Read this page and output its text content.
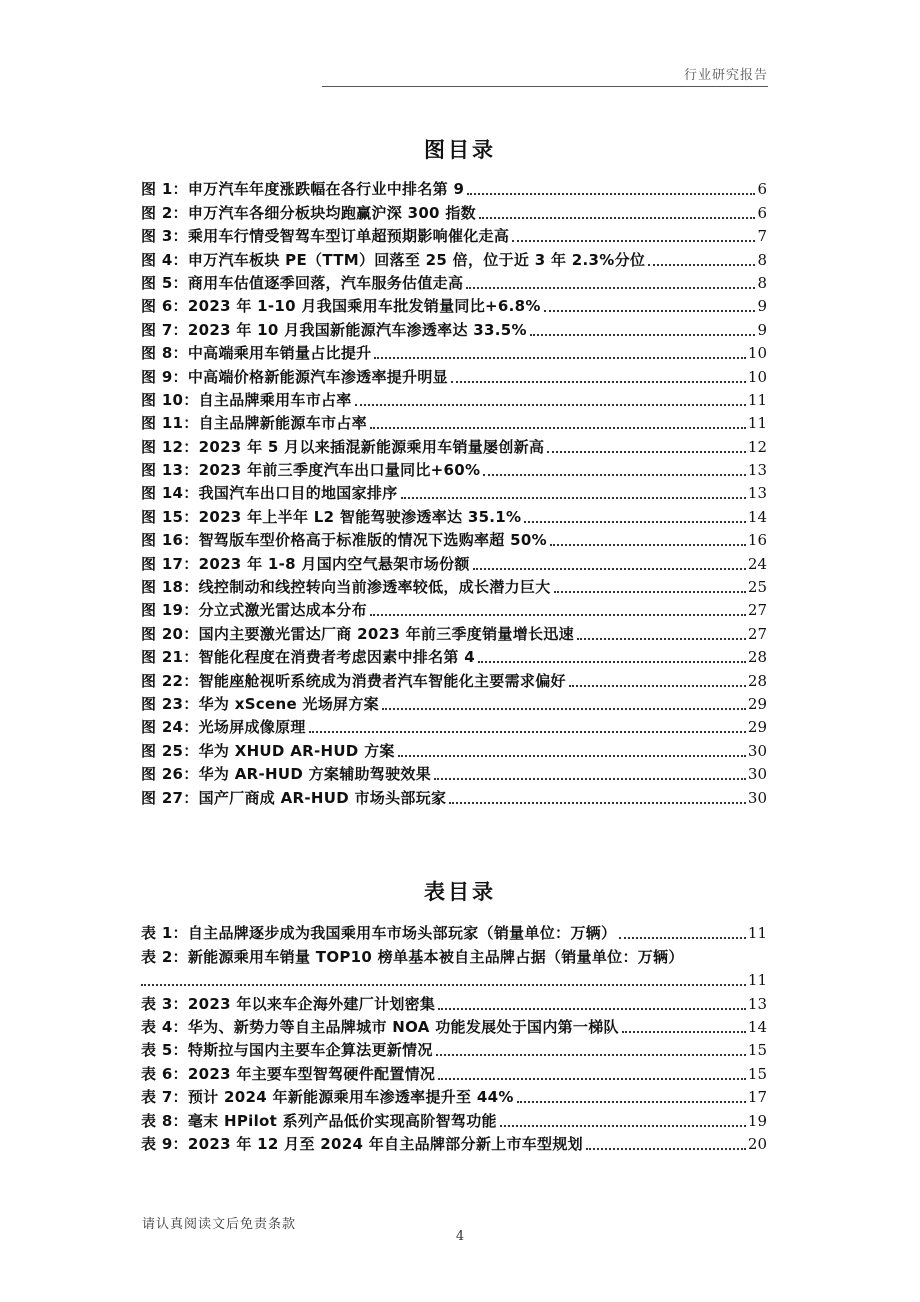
行业研究报告
图目录
图 1：申万汽车年度涨跌幅在各行业中排名第 9	6
图 2：申万汽车各细分板块均跑赢沪深 300 指数	6
图 3：乘用车行情受智驾车型订单超预期影响催化走高	7
图 4：申万汽车板块 PE（TTM）回落至 25 倍，位于近 3 年 2.3%分位	8
图 5：商用车估值逐季回落，汽车服务估值走高	8
图 6：2023 年 1-10 月我国乘用车批发销量同比+6.8%	9
图 7：2023 年 10 月我国新能源汽车渗透率达 33.5%	9
图 8：中高端乘用车销量占比提升	10
图 9：中高端价格新能源汽车渗透率提升明显	10
图 10：自主品牌乘用车市占率	11
图 11：自主品牌新能源车市占率	11
图 12：2023 年 5 月以来插混新能源乘用车销量屡创新高	12
图 13：2023 年前三季度汽车出口量同比+60%	13
图 14：我国汽车出口目的地国家排序	13
图 15：2023 年上半年 L2 智能驾驶渗透率达 35.1%	14
图 16：智驾版车型价格高于标准版的情况下选购率超 50%	16
图 17：2023 年 1-8 月国内空气悬架市场份额	24
图 18：线控制动和线控转向当前渗透率较低，成长潜力巨大	25
图 19：分立式激光雷达成本分布	27
图 20：国内主要激光雷达厂商 2023 年前三季度销量增长迅速	27
图 21：智能化程度在消费者考虑因素中排名第 4	28
图 22：智能座舱视听系统成为消费者汽车智能化主要需求偏好	28
图 23：华为 xScene 光场屏方案	29
图 24：光场屏成像原理	29
图 25：华为 XHUD AR-HUD 方案	30
图 26：华为 AR-HUD 方案辅助驾驶效果	30
图 27：国产厂商成 AR-HUD 市场头部玩家	30
表目录
表 1：自主品牌逐步成为我国乘用车市场头部玩家（销量单位：万辆）	11
表 2：新能源乘用车销量 TOP10 榜单基本被自主品牌占据（销量单位：万辆）
11
表 3：2023 年以来车企海外建厂计划密集	13
表 4：华为、新势力等自主品牌城市 NOA 功能发展处于国内第一梯队	14
表 5：特斯拉与国内主要车企算法更新情况	15
表 6：2023 年主要车型智驾硬件配置情况	15
表 7：预计 2024 年新能源乘用车渗透率提升至 44%	17
表 8：毫末 HPilot 系列产品低价实现高阶智驾功能	19
表 9：2023 年 12 月至 2024 年自主品牌部分新上市车型规划	20
请认真阅读文后免责条款
4
